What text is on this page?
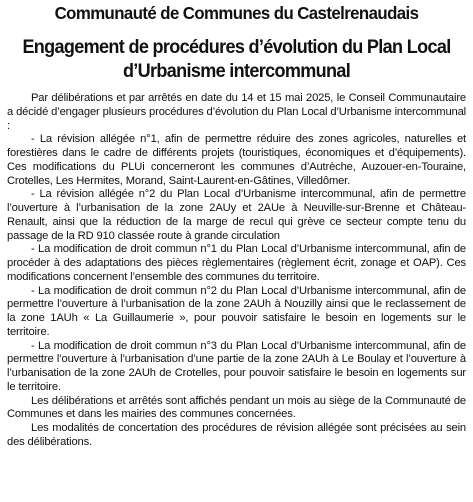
Communauté de Communes du Castelrenaudais
Engagement de procédures d’évolution du Plan Local
d’Urbanisme intercommunal

Par délibérations et par arrêtés en date du 14 et 15 mai 2025, le Conseil Communautaire a décidé d’engager plusieurs procédures d’évolution du Plan Local d’Urbanisme intercommunal :

- La révision allégée n°1, afin de permettre réduire des zones agricoles, naturelles et forestières dans le cadre de différents projets (touristiques, économiques et d’équipements). Ces modifications du PLUi concerneront les communes d’Autrèche, Auzouer-en-Touraine, Crotelles, Les Hermites, Morand, Saint-Laurent-en-Gâtines, Villedômer.

- La révision allégée n°2 du Plan Local d’Urbanisme intercommunal, afin de permettre l’ouverture à l’urbanisation de la zone 2AUy et 2AUe à Neuville-sur-Brenne et Château-Renault, ainsi que la réduction de la marge de recul qui grève ce secteur compte tenu du passage de la RD 910 classée route à grande circulation

- La modification de droit commun n°1 du Plan Local d’Urbanisme intercommunal, afin de procéder à des adaptations des pièces règlementaires (règlement écrit, zonage et OAP). Ces modifications concernent l’ensemble des communes du territoire.

- La modification de droit commun n°2 du Plan Local d’Urbanisme intercommunal, afin de permettre l’ouverture à l’urbanisation de la zone 2AUh à Nouzilly ainsi que le reclassement de la zone 1AUh « La Guillaumerie », pour pouvoir satisfaire le besoin en logements sur le territoire.

- La modification de droit commun n°3 du Plan Local d’Urbanisme intercommunal, afin de permettre l’ouverture à l’urbanisation d’une partie de la zone 2AUh à Le Boulay et l’ouverture à l’urbanisation de la zone 2AUh de Crotelles, pour pouvoir satisfaire le besoin en logements sur le territoire.

Les délibérations et arrêtés sont affichés pendant un mois au siège de la Communauté de Communes et dans les mairies des communes concernées.

Les modalités de concertation des procédures de révision allégée sont précisées au sein des délibérations.
